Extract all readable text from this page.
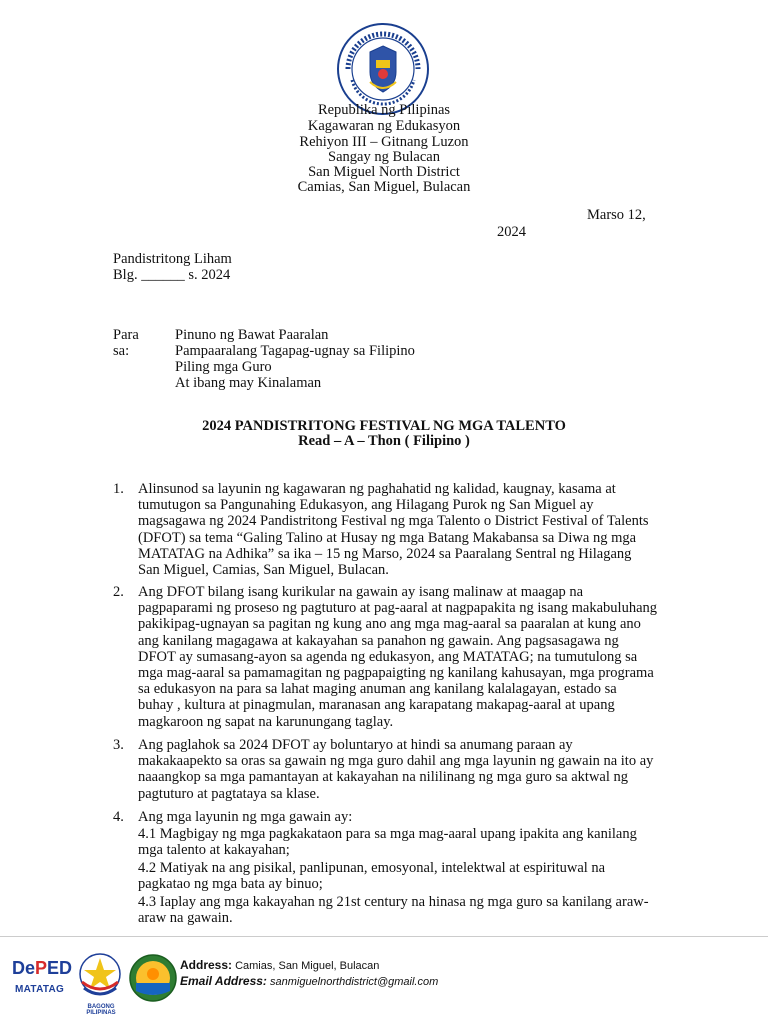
Republika ng Pilipinas
Kagawaran ng Edukasyon
Rehiyon III – Gitnang Luzon
Sangay ng Bulacan
San Miguel North District
Camias, San Miguel, Bulacan
Marso 12,
2024
Pandistritong Liham
Blg. ______ s. 2024
Para sa:
Pinuno ng Bawat Paaralan
Pampaaralang Tagapag-ugnay sa Filipino
Piling mga Guro
At ibang may Kinalaman
2024 PANDISTRITONG FESTIVAL NG MGA TALENTO
Read – A – Thon ( Filipino )
1. Alinsunod sa layunin ng kagawaran ng paghahatid ng kalidad, kaugnay, kasama at
tumutugon sa Pangunahing Edukasyon, ang Hilagang Purok ng San Miguel ay
magsagawa ng 2024 Pandistritong Festival ng mga Talento o District Festival of Talents
(DFOT) sa tema “Galing Talino at Husay ng mga Batang Makabansa sa Diwa ng mga
MATATAG na Adhika” sa ika – 15 ng Marso, 2024 sa Paaralang Sentral ng Hilagang
San Miguel, Camias, San Miguel, Bulacan.
2. Ang DFOT bilang isang kurikular na gawain ay isang malinaw at maagap na
pagpaparami ng proseso ng pagtuturo at pag-aaral at nagpapakita ng isang makabuluhang
pakikipag-ugnayan sa pagitan ng kung ano ang mga mag-aaral sa paaralan at kung ano
ang kanilang magagawa at kakayahan sa panahon ng gawain. Ang pagsasagawa ng
DFOT ay sumasang-ayon sa agenda ng edukasyon, ang MATATAG; na tumutulong sa
mga mag-aaral sa pamamagitan ng pagpapaigting ng kanilang kahusayan, mga programa
sa edukasyon na para sa lahat maging anuman ang kanilang kalalagayan, estado sa
buhay , kultura at pinagmulan, maranasan ang karapatang makapag-aaral at upang
magkaroon ng sapat na karunungang taglay.
3. Ang paglahok sa 2024 DFOT ay boluntaryo at hindi sa anumang paraan ay
makakaapekto sa oras sa gawain ng mga guro dahil ang mga layunin ng gawain na ito ay
naaangkop sa mga pamantayan at kakayahan na nililinang ng mga guro sa aktwal ng
pagtuturo at pagtataya sa klase.
4. Ang mga layunin ng mga gawain ay:
4.1 Magbigay ng mga pagkakataon para sa mga mag-aaral upang ipakita ang kanilang
mga talento at kakayahan;
4.2 Matiyak na ang pisikal, panlipunan, emosyonal, intelektwal at espirituwal na
pagkatao ng mga bata ay binuo;
4.3 Iaplay ang mga kakayahan ng 21st century na hinasa ng mga guro sa kanilang araw-
araw na gawain.
DePED
MATATAG
BAGONG PILIPINAS
Address: Camias, San Miguel, Bulacan
Email Address: sanmiguelnorthdistrict@gmail.com
